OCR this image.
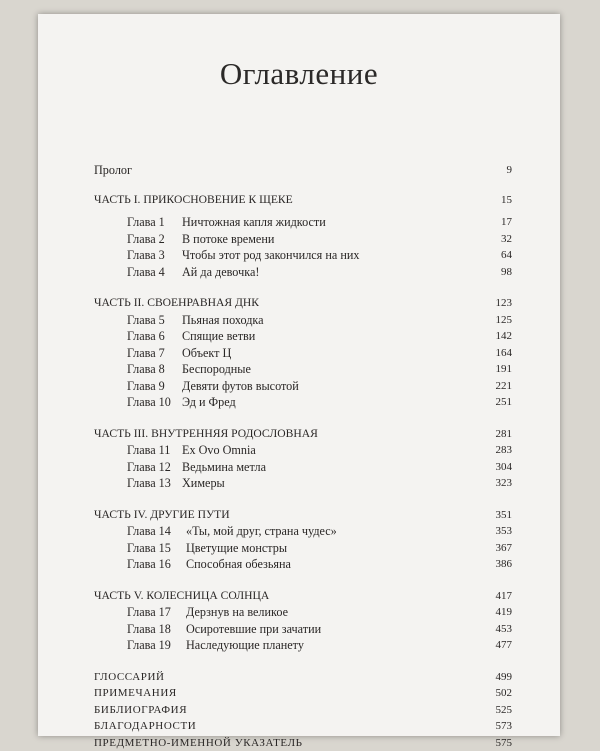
Оглавление
Пролог	9
ЧАСТЬ I. ПРИКОСНОВЕНИЕ К ЩЕКЕ	15
Глава 1 Ничтожная капля жидкости	17
Глава 2 В потоке времени	32
Глава 3 Чтобы этот род закончился на них	64
Глава 4 Ай да девочка!	98
ЧАСТЬ II. СВОЕНРАВНАЯ ДНК	123
Глава 5 Пьяная походка	125
Глава 6 Спящие ветви	142
Глава 7 Объект Ц	164
Глава 8 Беспородные	191
Глава 9 Девяти футов высотой	221
Глава 10 Эд и Фред	251
ЧАСТЬ III. ВНУТРЕННЯЯ РОДОСЛОВНАЯ	281
Глава 11 Ex Ovo Omnia	283
Глава 12 Ведьмина метла	304
Глава 13 Химеры	323
ЧАСТЬ IV. ДРУГИЕ ПУТИ	351
Глава 14 «Ты, мой друг, страна чудес»	353
Глава 15 Цветущие монстры	367
Глава 16 Способная обезьяна	386
ЧАСТЬ V. КОЛЕСНИЦА СОЛНЦА	417
Глава 17 Дерзнув на великое	419
Глава 18 Осиротевшие при зачатии	453
Глава 19 Наследующие планету	477
ГЛОССАРИЙ	499
ПРИМЕЧАНИЯ	502
БИБЛИОГРАФИЯ	525
БЛАГОДАРНОСТИ	573
ПРЕДМЕТНО-ИМЕННОЙ УКАЗАТЕЛЬ	575
